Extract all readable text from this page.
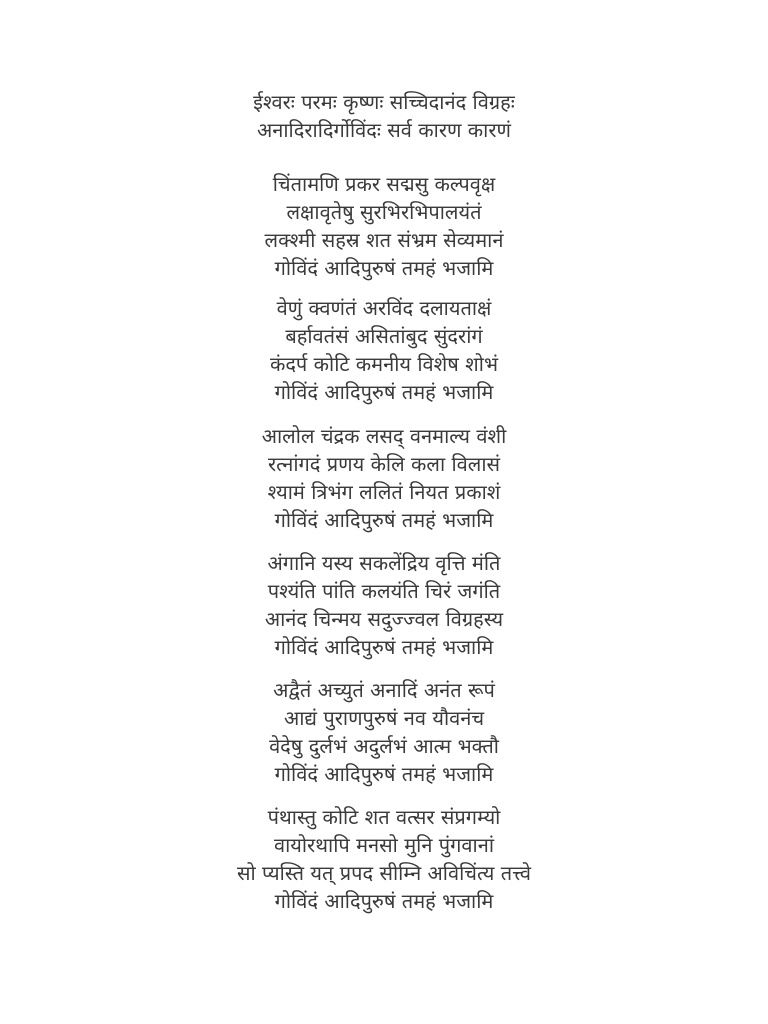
ईश्वरः परमः कृष्णः सच्चिदानंद विग्रहः
अनादिरादिर्गोविंदः सर्व कारण कारणं
चिंतामणि प्रकर सद्मसु कल्पवृक्ष
लक्षावृतेषु सुरभिरभिपालयंतं
लक्श्मी सहस्र शत संभ्रम सेव्यमानं
गोविंदं आदिपुरुषं तमहं भजामि
वेणुं क्वणंतं अरविंद दलायताक्षं
बर्हावतंसं असितांबुद सुंदरांगं
कंदर्प कोटि कमनीय विशेष शोभं
गोविंदं आदिपुरुषं तमहं भजामि
आलोल चंद्रक लसद् वनमाल्य वंशी
रत्नांगदं प्रणय केलि कला विलासं
श्यामं त्रिभंग ललितं नियत प्रकाशं
गोविंदं आदिपुरुषं तमहं भजामि
अंगानि यस्य सकलेंद्रिय वृत्ति मंति
पश्यंति पांति कलयंति चिरं जगंति
आनंद चिन्मय सदुज्ज्वल विग्रहस्य
गोविंदं आदिपुरुषं तमहं भजामि
अद्वैतं अच्युतं अनादिं अनंत रूपं
आद्यं पुराणपुरुषं नव यौवनंच
वेदेषु दुर्लभं अदुर्लभं आत्म भक्तौ
गोविंदं आदिपुरुषं तमहं भजामि
पंथास्तु कोटि शत वत्सर संप्रगम्यो
वायोरथापि मनसो मुनि पुंगवानां
सो प्यस्ति यत् प्रपद सीम्नि अविचिंत्य तत्त्वे
गोविंदं आदिपुरुषं तमहं भजामि
